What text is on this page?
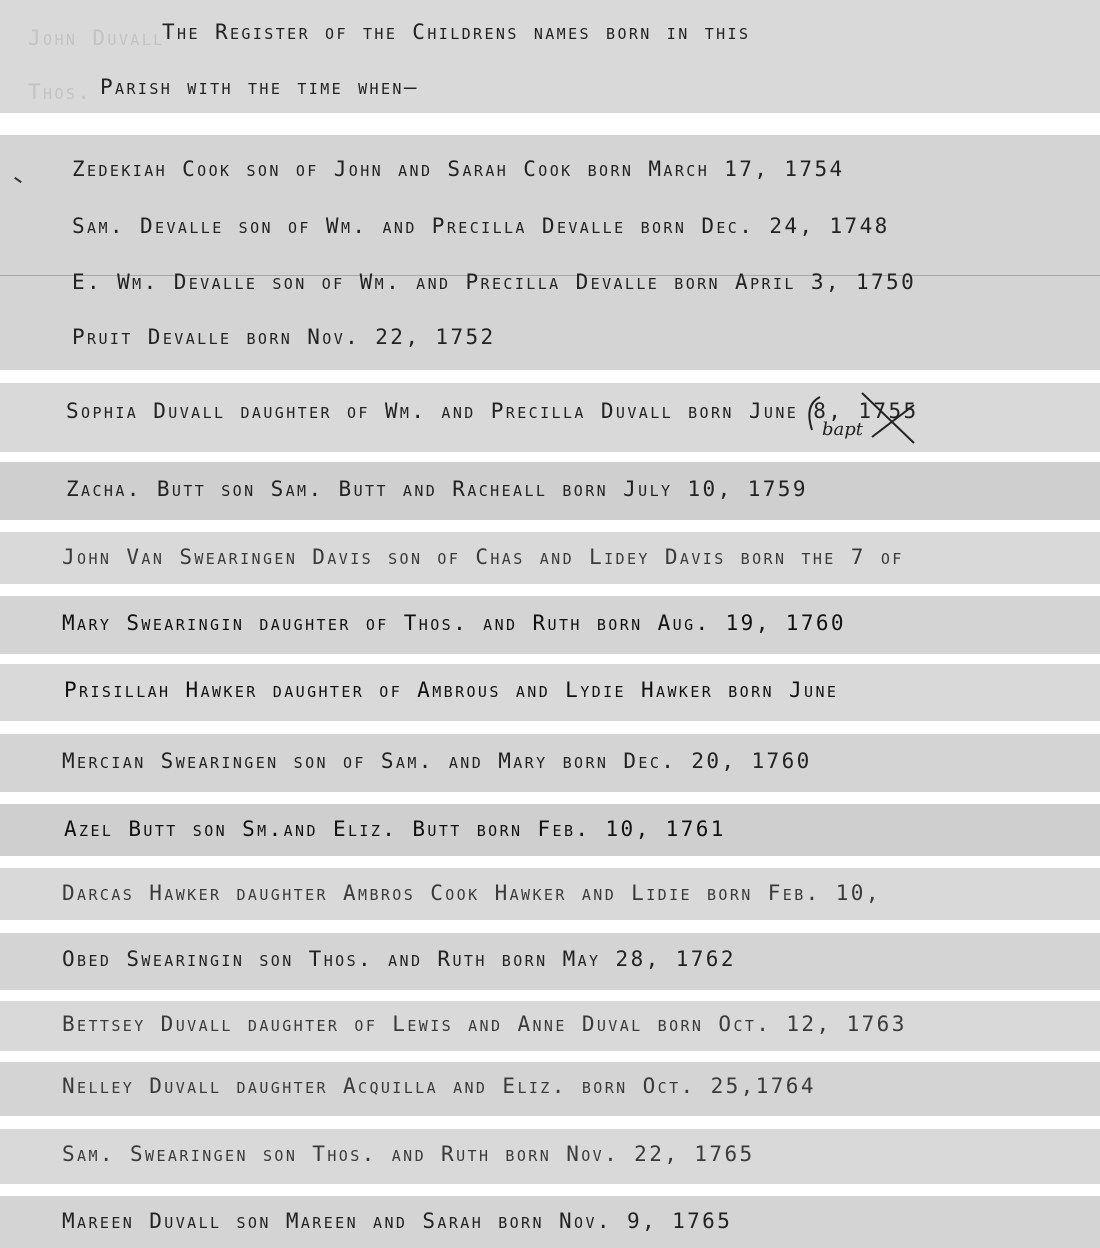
John Duvall
Thos.
The Register of the Childrens names born in this
Parish with the time when—
Zedekiah Cook son of John and Sarah Cook born March 17, 1754
Sam. Devalle son of Wm. and Precilla Devalle born Dec. 24, 1748
E. Wm. Devalle son of Wm. and Precilla Devalle born April 3, 1750
Pruit Devalle born Nov. 22, 1752
Sophia Duvall daughter of Wm. and Precilla Duvall born June 8, 1755
bapt
Zacha. Butt son Sam. Butt and Racheall born July 10, 1759
John Van Swearingen Davis son of Chas and Lidey Davis born the 7 of
Mary Swearingin daughter of Thos. and Ruth born Aug. 19, 1760
Prisillah Hawker daughter of Ambrous and Lydie Hawker born June
Mercian Swearingen son of Sam. and Mary born Dec. 20, 1760
Azel Butt son Sm.and Eliz. Butt born Feb. 10, 1761
Darcas Hawker daughter Ambros Cook Hawker and Lidie born Feb. 10,
Obed Swearingin son Thos. and Ruth born May 28, 1762
Bettsey Duvall daughter of Lewis and Anne Duval born Oct. 12, 1763
Nelley Duvall daughter Acquilla and Eliz. born Oct. 25,1764
Sam. Swearingen son Thos. and Ruth born Nov. 22, 1765
Mareen Duvall son Mareen and Sarah born Nov. 9, 1765
